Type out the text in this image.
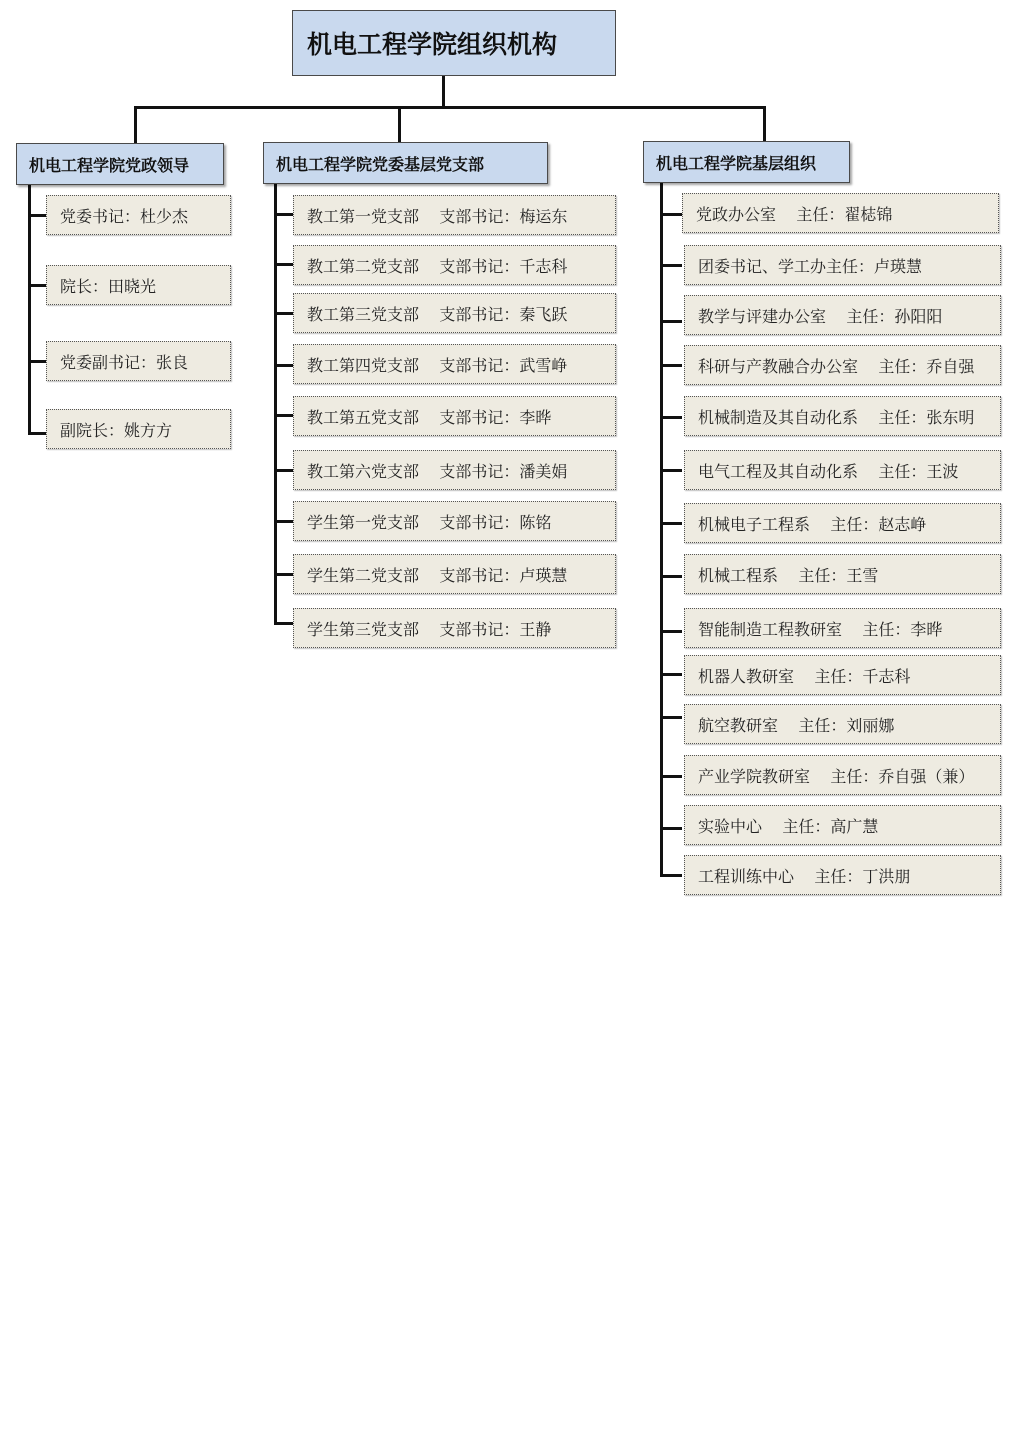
机电工程学院组织机构
机电工程学院党政领导	机电工程学院党委基层党支部	机电工程学院基层组织
党委书记：杜少杰
院长：田晓光
党委副书记：张良
副院长：姚方方
教工第一党支部    支部书记：梅运东
教工第二党支部    支部书记：千志科
教工第三党支部    支部书记：秦飞跃
教工第四党支部    支部书记：武雪峥
教工第五党支部    支部书记：李晔
教工第六党支部    支部书记：潘美娟
学生第一党支部    支部书记：陈铭
学生第二党支部    支部书记：卢瑛慧
学生第三党支部    支部书记：王静
党政办公室    主任：翟梽锦
团委书记、学工办主任：卢瑛慧
教学与评建办公室    主任：孙阳阳
科研与产教融合办公室    主任：乔自强
机械制造及其自动化系    主任：张东明
电气工程及其自动化系    主任：王波
机械电子工程系    主任：赵志峥
机械工程系    主任：王雪
智能制造工程教研室    主任：李晔
机器人教研室    主任：千志科
航空教研室    主任：刘丽娜
产业学院教研室    主任：乔自强（兼）
实验中心    主任：高广慧
工程训练中心    主任：丁洪朋
